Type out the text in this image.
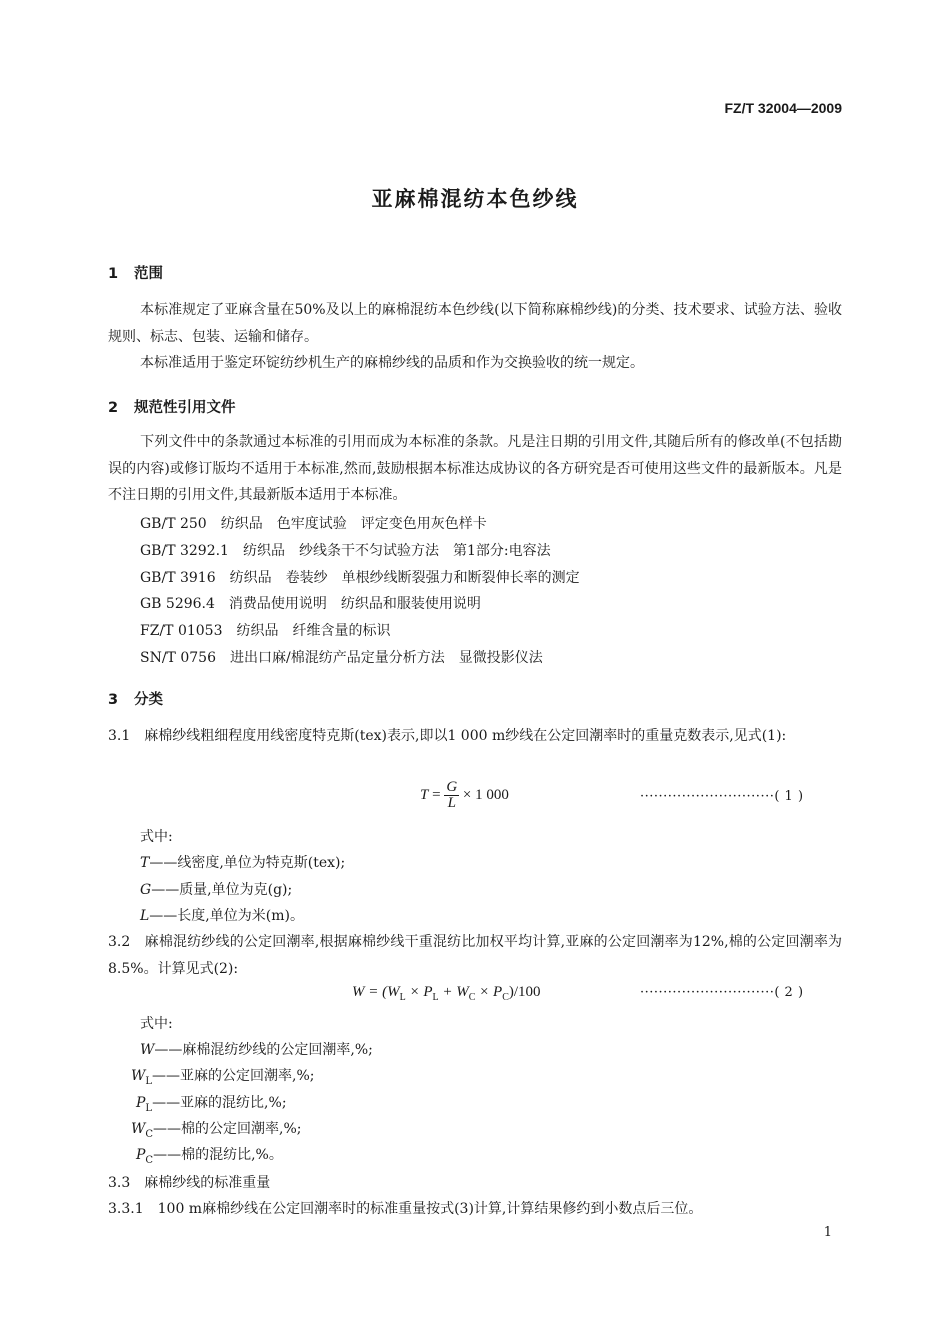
FZ/T 32004—2009
亚麻棉混纺本色纱线
1 范围
本标准规定了亚麻含量在50%及以上的麻棉混纺本色纱线(以下简称麻棉纱线)的分类、技术要求、试验方法、验收规则、标志、包装、运输和储存。
本标准适用于鉴定环锭纺纱机生产的麻棉纱线的品质和作为交换验收的统一规定。
2 规范性引用文件
下列文件中的条款通过本标准的引用而成为本标准的条款。凡是注日期的引用文件,其随后所有的修改单(不包括勘误的内容)或修订版均不适用于本标准,然而,鼓励根据本标准达成协议的各方研究是否可使用这些文件的最新版本。凡是不注日期的引用文件,其最新版本适用于本标准。
GB/T 250　纺织品　色牢度试验　评定变色用灰色样卡
GB/T 3292.1　纺织品　纱线条干不匀试验方法　第1部分:电容法
GB/T 3916　纺织品　卷装纱　单根纱线断裂强力和断裂伸长率的测定
GB 5296.4　消费品使用说明　纺织品和服装使用说明
FZ/T 01053　纺织品　纤维含量的标识
SN/T 0756　进出口麻/棉混纺产品定量分析方法　显微投影仪法
3 分类
3.1　 麻棉纱线粗细程度用线密度特克斯(tex)表示,即以1 000 m纱线在公定回潮率时的重量克数表示,见式(1):
$T = \frac{G}{L} \times 1$ 000	·····························( 1 )
式中:
T——线密度,单位为特克斯(tex);
G——质量,单位为克(g);
L——长度,单位为米(m)。
3.2　 麻棉混纺纱线的公定回潮率,根据麻棉纱线干重混纺比加权平均计算,亚麻的公定回潮率为12%,棉的公定回潮率为8.5%。计算见式(2):
$W = (W_L \times P_L + W_C \times P_C)/100$	·····························( 2 )
式中:
W——麻棉混纺纱线的公定回潮率,%;
$W_L——$亚麻的公定回潮率,%;
$P_L——$亚麻的混纺比,%;
$W_C——$棉的公定回潮率,%;
$P_C——$棉的混纺比,%。
3.3　 麻棉纱线的标准重量
3.3.1　 100 m麻棉纱线在公定回潮率时的标准重量按式(3)计算,计算结果修约到小数点后三位。
1
